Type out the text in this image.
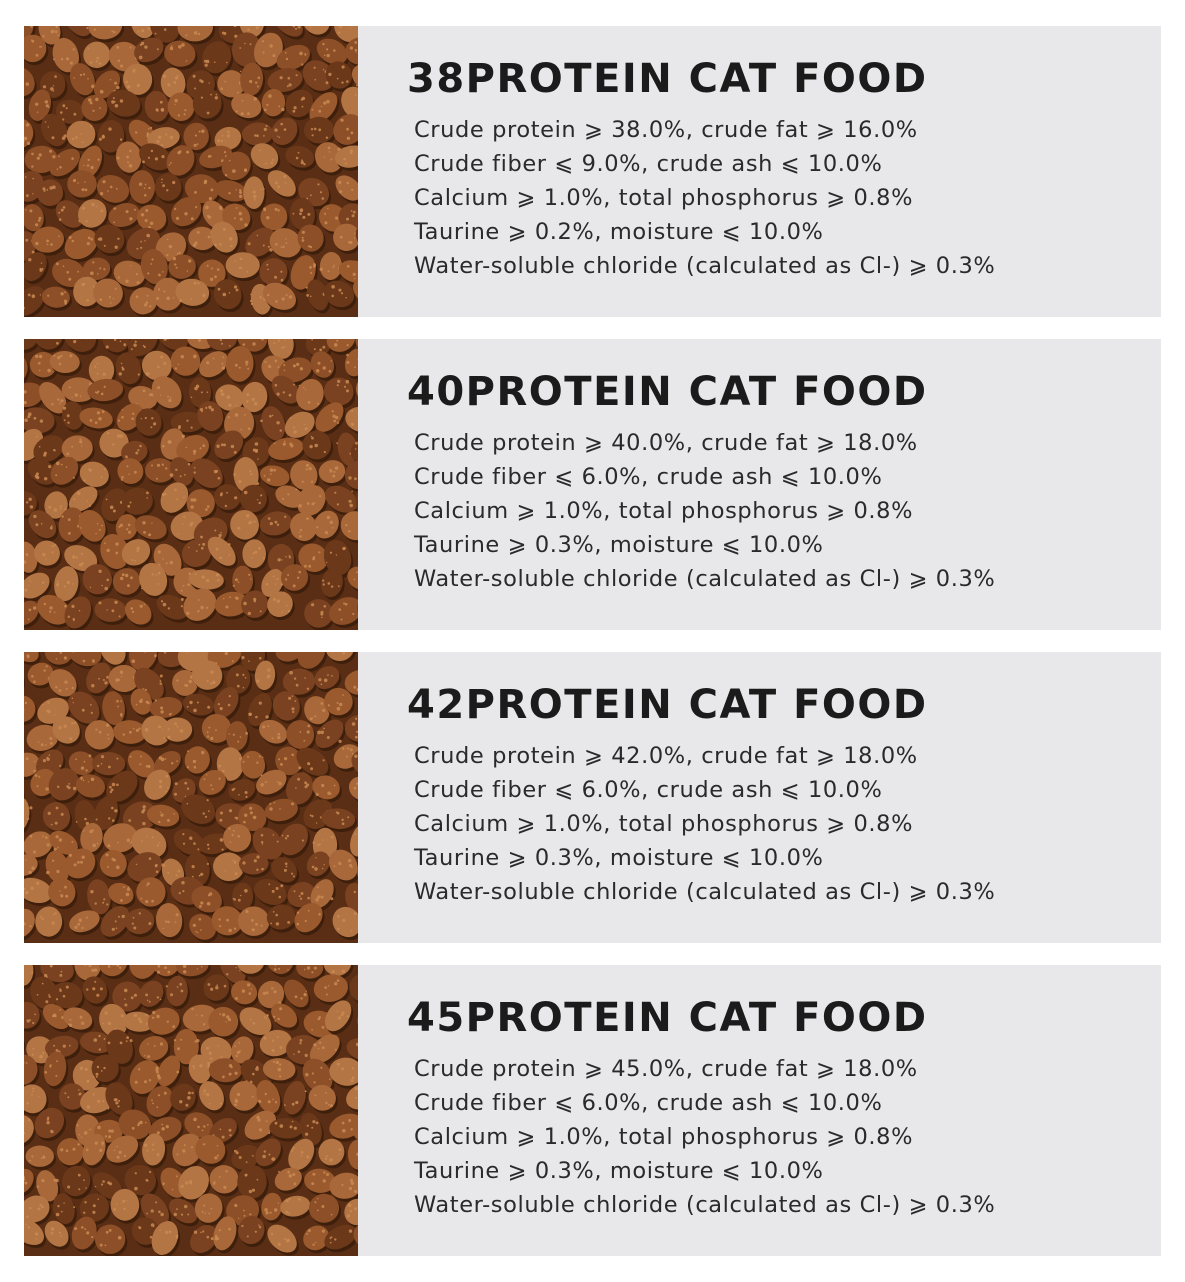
38PROTEIN CAT FOOD
Crude protein ⩾ 38.0%, crude fat ⩾ 16.0%
Crude fiber ⩽ 9.0%, crude ash ⩽ 10.0%
Calcium ⩾ 1.0%, total phosphorus ⩾ 0.8%
Taurine ⩾ 0.2%, moisture ⩽ 10.0%
Water-soluble chloride (calculated as Cl-) ⩾ 0.3%
40PROTEIN CAT FOOD
Crude protein ⩾ 40.0%, crude fat ⩾ 18.0%
Crude fiber ⩽ 6.0%, crude ash ⩽ 10.0%
Calcium ⩾ 1.0%, total phosphorus ⩾ 0.8%
Taurine ⩾ 0.3%, moisture ⩽ 10.0%
Water-soluble chloride (calculated as Cl-) ⩾ 0.3%
42PROTEIN CAT FOOD
Crude protein ⩾ 42.0%, crude fat ⩾ 18.0%
Crude fiber ⩽ 6.0%, crude ash ⩽ 10.0%
Calcium ⩾ 1.0%, total phosphorus ⩾ 0.8%
Taurine ⩾ 0.3%, moisture ⩽ 10.0%
Water-soluble chloride (calculated as Cl-) ⩾ 0.3%
45PROTEIN CAT FOOD
Crude protein ⩾ 45.0%, crude fat ⩾ 18.0%
Crude fiber ⩽ 6.0%, crude ash ⩽ 10.0%
Calcium ⩾ 1.0%, total phosphorus ⩾ 0.8%
Taurine ⩾ 0.3%, moisture ⩽ 10.0%
Water-soluble chloride (calculated as Cl-) ⩾ 0.3%
